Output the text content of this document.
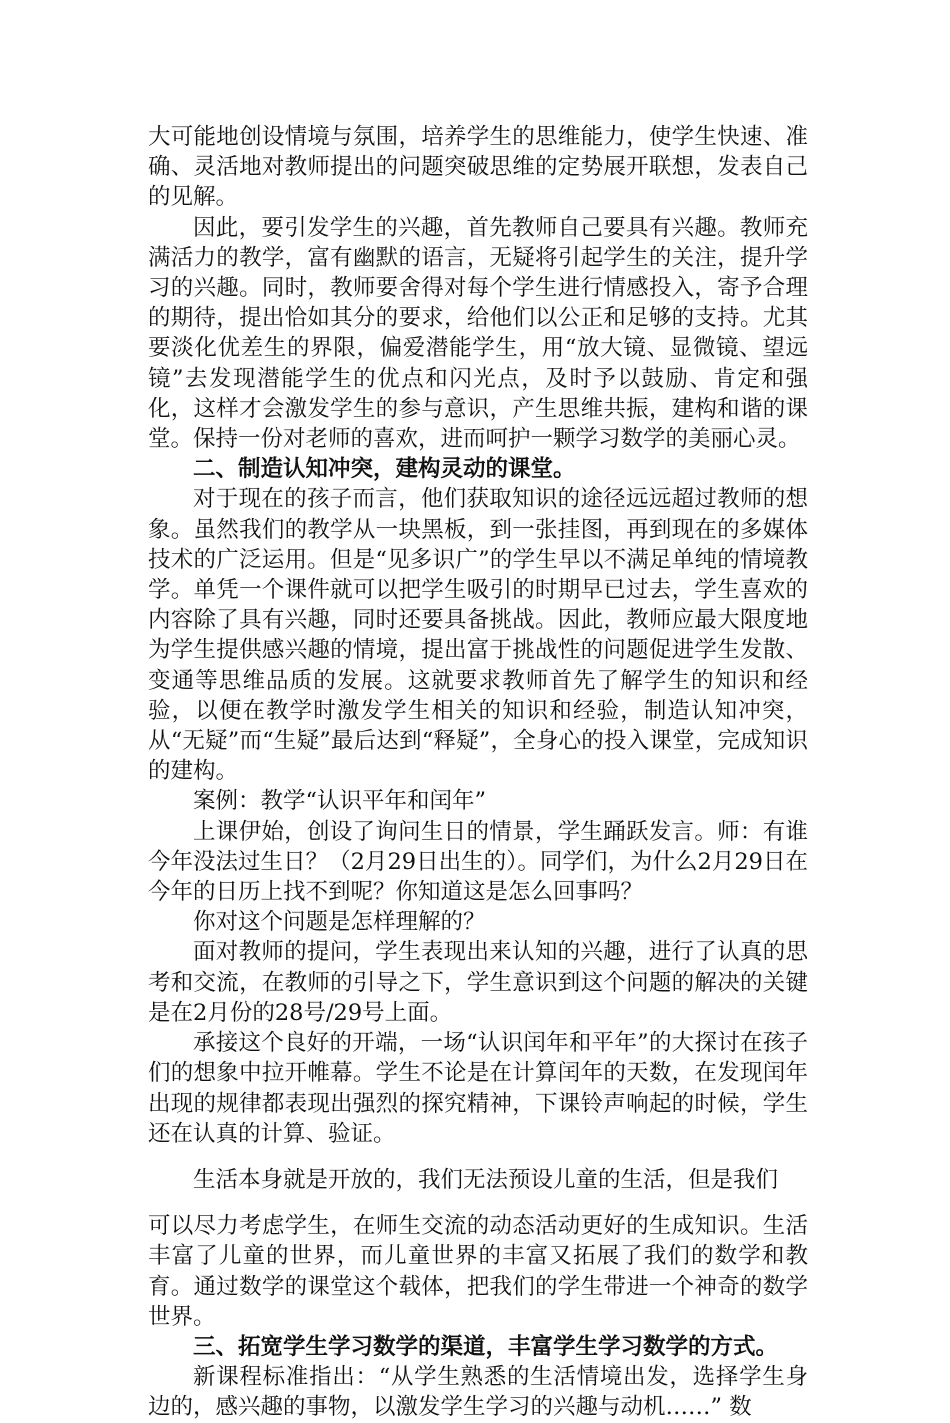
大可能地创设情境与氛围，培养学生的思维能力，使学生快速、准确、灵活地对教师提出的问题突破思维的定势展开联想，发表自己的见解。

因此，要引发学生的兴趣，首先教师自己要具有兴趣。教师充满活力的教学，富有幽默的语言，无疑将引起学生的关注，提升学习的兴趣。同时，教师要舍得对每个学生进行情感投入，寄予合理的期待，提出恰如其分的要求，给他们以公正和足够的支持。尤其要淡化优差生的界限，偏爱潜能学生，用“放大镜、显微镜、望远镜”去发现潜能学生的优点和闪光点，及时予以鼓励、肯定和强化，这样才会激发学生的参与意识，产生思维共振，建构和谐的课堂。保持一份对老师的喜欢，进而呵护一颗学习数学的美丽心灵。

二、制造认知冲突，建构灵动的课堂。

对于现在的孩子而言，他们获取知识的途径远远超过教师的想象。虽然我们的教学从一块黑板，到一张挂图，再到现在的多媒体技术的广泛运用。但是“见多识广”的学生早以不满足单纯的情境教学。单凭一个课件就可以把学生吸引的时期早已过去，学生喜欢的内容除了具有兴趣，同时还要具备挑战。因此，教师应最大限度地为学生提供感兴趣的情境，提出富于挑战性的问题促进学生发散、变通等思维品质的发展。这就要求教师首先了解学生的知识和经验，以便在教学时激发学生相关的知识和经验，制造认知冲突，从“无疑”而“生疑”最后达到“释疑”，全身心的投入课堂，完成知识的建构。

案例：教学“认识平年和闰年”

上课伊始，创设了询问生日的情景，学生踊跃发言。师：有谁今年没法过生日？（2月29日出生的）。同学们，为什么2月29日在今年的日历上找不到呢？你知道这是怎么回事吗？

你对这个问题是怎样理解的？

面对教师的提问，学生表现出来认知的兴趣，进行了认真的思考和交流，在教师的引导之下，学生意识到这个问题的解决的关键是在2月份的28号/29号上面。

承接这个良好的开端，一场“认识闰年和平年”的大探讨在孩子们的想象中拉开帷幕。学生不论是在计算闰年的天数，在发现闰年出现的规律都表现出强烈的探究精神，下课铃声响起的时候，学生还在认真的计算、验证。

生活本身就是开放的，我们无法预设儿童的生活，但是我们

可以尽力考虑学生，在师生交流的动态活动更好的生成知识。生活丰富了儿童的世界，而儿童世界的丰富又拓展了我们的数学和教育。通过数学的课堂这个载体，把我们的学生带进一个神奇的数学世界。

三、拓宽学生学习数学的渠道，丰富学生学习数学的方式。

新课程标准指出：“从学生熟悉的生活情境出发，选择学生身边的，感兴趣的事物，以激发学生学习的兴趣与动机……” 数
